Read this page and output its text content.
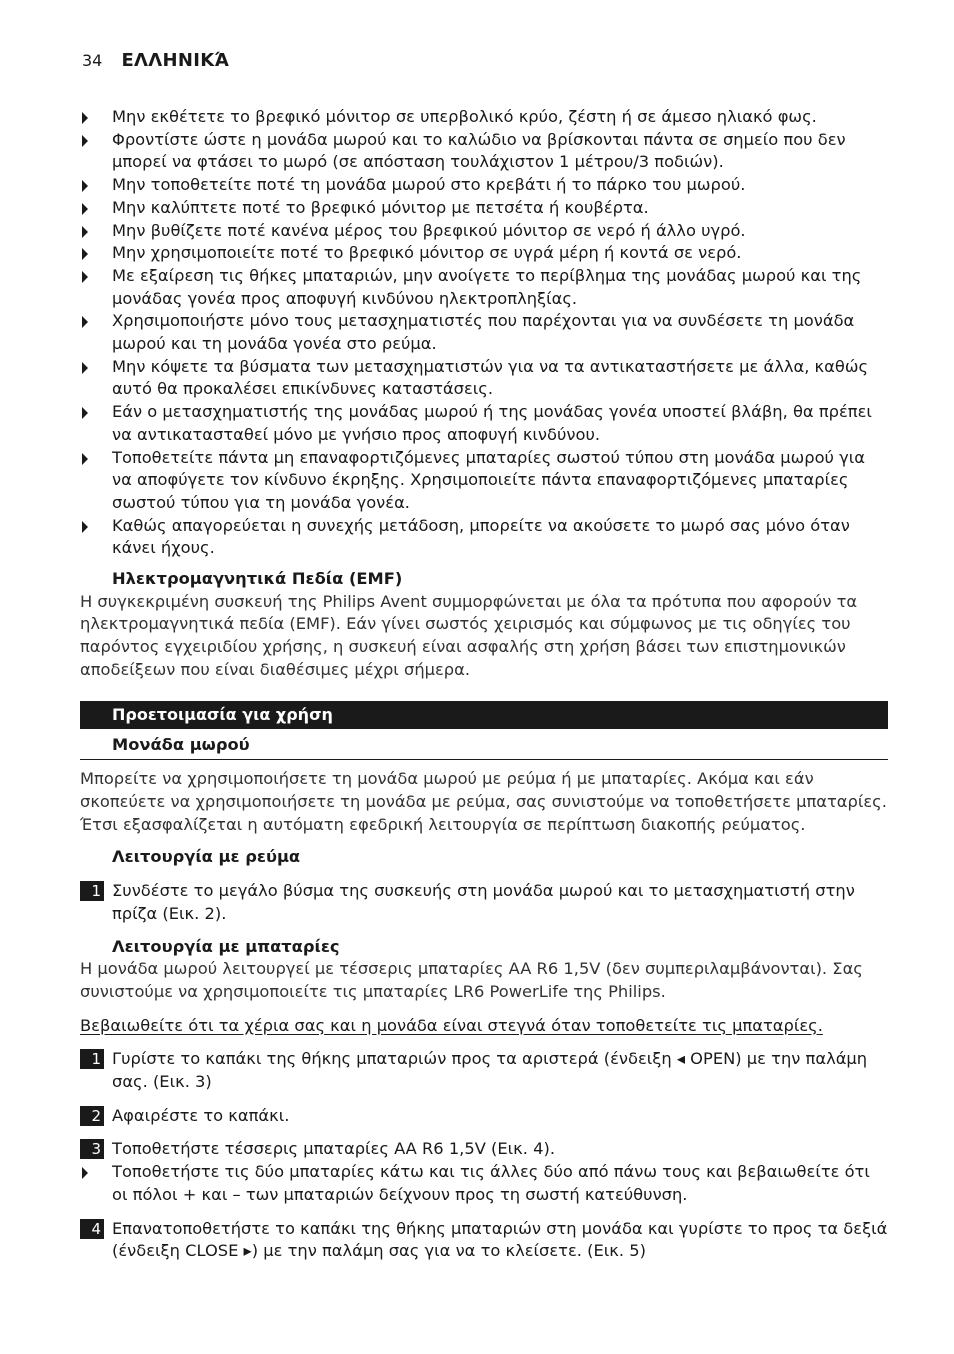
34 ΕΛΛΗΝΙΚΆ
Μην εκθέτετε το βρεφικό μόνιτορ σε υπερβολικό κρύο, ζέστη ή σε άμεσο ηλιακό φως.
Φροντίστε ώστε η μονάδα μωρού και το καλώδιο να βρίσκονται πάντα σε σημείο που δεν μπορεί να φτάσει το μωρό (σε απόσταση τουλάχιστον 1 μέτρου/3 ποδιών).
Μην τοποθετείτε ποτέ τη μονάδα μωρού στο κρεβάτι ή το πάρκο του μωρού.
Μην καλύπτετε ποτέ το βρεφικό μόνιτορ με πετσέτα ή κουβέρτα.
Μην βυθίζετε ποτέ κανένα μέρος του βρεφικού μόνιτορ σε νερό ή άλλο υγρό.
Μην χρησιμοποιείτε ποτέ το βρεφικό μόνιτορ σε υγρά μέρη ή κοντά σε νερό.
Με εξαίρεση τις θήκες μπαταριών, μην ανοίγετε το περίβλημα της μονάδας μωρού και της μονάδας γονέα προς αποφυγή κινδύνου ηλεκτροπληξίας.
Χρησιμοποιήστε μόνο τους μετασχηματιστές που παρέχονται για να συνδέσετε τη μονάδα μωρού και τη μονάδα γονέα στο ρεύμα.
Μην κόψετε τα βύσματα των μετασχηματιστών για να τα αντικαταστήσετε με άλλα, καθώς αυτό θα προκαλέσει επικίνδυνες καταστάσεις.
Εάν ο μετασχηματιστής της μονάδας μωρού ή της μονάδας γονέα υποστεί βλάβη, θα πρέπει να αντικατασταθεί μόνο με γνήσιο προς αποφυγή κινδύνου.
Τοποθετείτε πάντα μη επαναφορτιζόμενες μπαταρίες σωστού τύπου στη μονάδα μωρού για να αποφύγετε τον κίνδυνο έκρηξης. Χρησιμοποιείτε πάντα επαναφορτιζόμενες μπαταρίες σωστού τύπου για τη μονάδα γονέα.
Καθώς απαγορεύεται η συνεχής μετάδοση, μπορείτε να ακούσετε το μωρό σας μόνο όταν κάνει ήχους.
Ηλεκτρομαγνητικά Πεδία (EMF)
Η συγκεκριμένη συσκευή της Philips Avent συμμορφώνεται με όλα τα πρότυπα που αφορούν τα ηλεκτρομαγνητικά πεδία (EMF). Εάν γίνει σωστός χειρισμός και σύμφωνος με τις οδηγίες του παρόντος εγχειριδίου χρήσης, η συσκευή είναι ασφαλής στη χρήση βάσει των επιστημονικών αποδείξεων που είναι διαθέσιμες μέχρι σήμερα.
Προετοιμασία για χρήση
Μονάδα μωρού
Μπορείτε να χρησιμοποιήσετε τη μονάδα μωρού με ρεύμα ή με μπαταρίες. Ακόμα και εάν σκοπεύετε να χρησιμοποιήσετε τη μονάδα με ρεύμα, σας συνιστούμε να τοποθετήσετε μπαταρίες. Έτσι εξασφαλίζεται η αυτόματη εφεδρική λειτουργία σε περίπτωση διακοπής ρεύματος.
Λειτουργία με ρεύμα
1 Συνδέστε το μεγάλο βύσμα της συσκευής στη μονάδα μωρού και το μετασχηματιστή στην πρίζα (Εικ. 2).
Λειτουργία με μπαταρίες
Η μονάδα μωρού λειτουργεί με τέσσερις μπαταρίες AA R6 1,5V (δεν συμπεριλαμβάνονται). Σας συνιστούμε να χρησιμοποιείτε τις μπαταρίες LR6 PowerLife της Philips.
Βεβαιωθείτε ότι τα χέρια σας και η μονάδα είναι στεγνά όταν τοποθετείτε τις μπαταρίες.
1 Γυρίστε το καπάκι της θήκης μπαταριών προς τα αριστερά (ένδειξη ◂ OPEN) με την παλάμη σας. (Εικ. 3)
2 Αφαιρέστε το καπάκι.
3 Τοποθετήστε τέσσερις μπαταρίες AA R6 1,5V (Εικ. 4).
Τοποθετήστε τις δύο μπαταρίες κάτω και τις άλλες δύο από πάνω τους και βεβαιωθείτε ότι οι πόλοι + και – των μπαταριών δείχνουν προς τη σωστή κατεύθυνση.
4 Επανατοποθετήστε το καπάκι της θήκης μπαταριών στη μονάδα και γυρίστε το προς τα δεξιά (ένδειξη CLOSE ▸) με την παλάμη σας για να το κλείσετε. (Εικ. 5)
